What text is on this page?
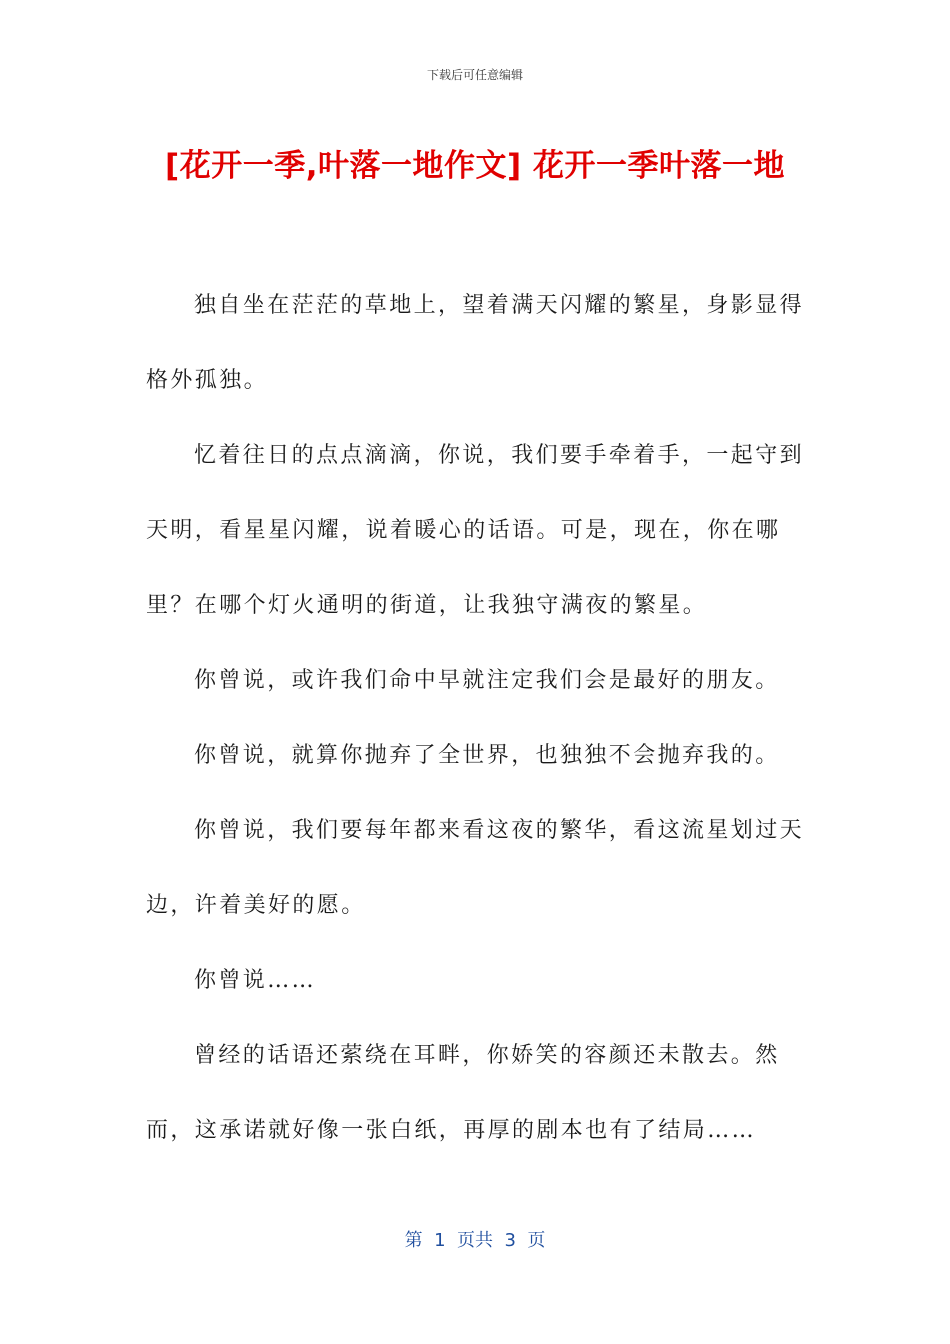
下载后可任意编辑
[花开一季,叶落一地作文] 花开一季叶落一地

独自坐在茫茫的草地上，望着满天闪耀的繁星，身影显得格外孤独。

忆着往日的点点滴滴，你说，我们要手牵着手，一起守到天明，看星星闪耀，说着暖心的话语。可是，现在，你在哪里？在哪个灯火通明的街道，让我独守满夜的繁星。

你曾说，或许我们命中早就注定我们会是最好的朋友。

你曾说，就算你抛弃了全世界，也独独不会抛弃我的。

你曾说，我们要每年都来看这夜的繁华，看这流星划过天边，许着美好的愿。

你曾说……

曾经的话语还萦绕在耳畔，你娇笑的容颜还未散去。然而，这承诺就好像一张白纸，再厚的剧本也有了结局……

第  1  页共  3  页
